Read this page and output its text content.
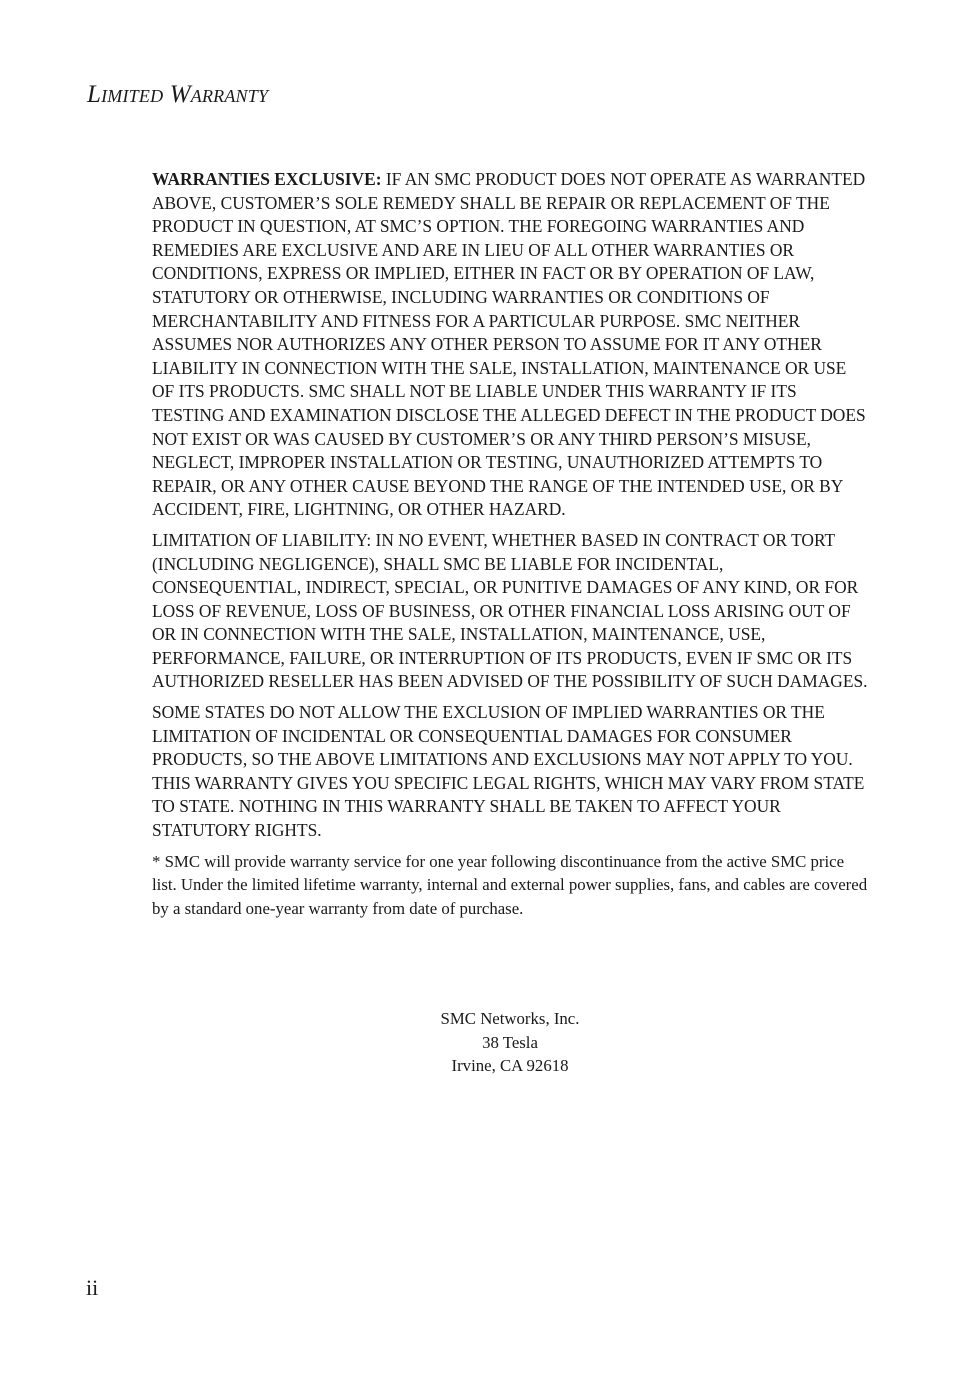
Limited Warranty

WARRANTIES EXCLUSIVE: IF AN SMC PRODUCT DOES NOT OPERATE AS WARRANTED ABOVE, CUSTOMER’S SOLE REMEDY SHALL BE REPAIR OR REPLACEMENT OF THE PRODUCT IN QUESTION, AT SMC’S OPTION. THE FOREGOING WARRANTIES AND REMEDIES ARE EXCLUSIVE AND ARE IN LIEU OF ALL OTHER WARRANTIES OR CONDITIONS, EXPRESS OR IMPLIED, EITHER IN FACT OR BY OPERATION OF LAW, STATUTORY OR OTHERWISE, INCLUDING WARRANTIES OR CONDITIONS OF MERCHANTABILITY AND FITNESS FOR A PARTICULAR PURPOSE. SMC NEITHER ASSUMES NOR AUTHORIZES ANY OTHER PERSON TO ASSUME FOR IT ANY OTHER LIABILITY IN CONNECTION WITH THE SALE, INSTALLATION, MAINTENANCE OR USE OF ITS PRODUCTS. SMC SHALL NOT BE LIABLE UNDER THIS WARRANTY IF ITS TESTING AND EXAMINATION DISCLOSE THE ALLEGED DEFECT IN THE PRODUCT DOES NOT EXIST OR WAS CAUSED BY CUSTOMER’S OR ANY THIRD PERSON’S MISUSE, NEGLECT, IMPROPER INSTALLATION OR TESTING, UNAUTHORIZED ATTEMPTS TO REPAIR, OR ANY OTHER CAUSE BEYOND THE RANGE OF THE INTENDED USE, OR BY ACCIDENT, FIRE, LIGHTNING, OR OTHER HAZARD.

LIMITATION OF LIABILITY: IN NO EVENT, WHETHER BASED IN CONTRACT OR TORT (INCLUDING NEGLIGENCE), SHALL SMC BE LIABLE FOR INCIDENTAL, CONSEQUENTIAL, INDIRECT, SPECIAL, OR PUNITIVE DAMAGES OF ANY KIND, OR FOR LOSS OF REVENUE, LOSS OF BUSINESS, OR OTHER FINANCIAL LOSS ARISING OUT OF OR IN CONNECTION WITH THE SALE, INSTALLATION, MAINTENANCE, USE, PERFORMANCE, FAILURE, OR INTERRUPTION OF ITS PRODUCTS, EVEN IF SMC OR ITS AUTHORIZED RESELLER HAS BEEN ADVISED OF THE POSSIBILITY OF SUCH DAMAGES.

SOME STATES DO NOT ALLOW THE EXCLUSION OF IMPLIED WARRANTIES OR THE LIMITATION OF INCIDENTAL OR CONSEQUENTIAL DAMAGES FOR CONSUMER PRODUCTS, SO THE ABOVE LIMITATIONS AND EXCLUSIONS MAY NOT APPLY TO YOU. THIS WARRANTY GIVES YOU SPECIFIC LEGAL RIGHTS, WHICH MAY VARY FROM STATE TO STATE. NOTHING IN THIS WARRANTY SHALL BE TAKEN TO AFFECT YOUR STATUTORY RIGHTS.

* SMC will provide warranty service for one year following discontinuance from the active SMC price list. Under the limited lifetime warranty, internal and external power supplies, fans, and cables are covered by a standard one-year warranty from date of purchase.

SMC Networks, Inc.
38 Tesla
Irvine, CA 92618
ii
